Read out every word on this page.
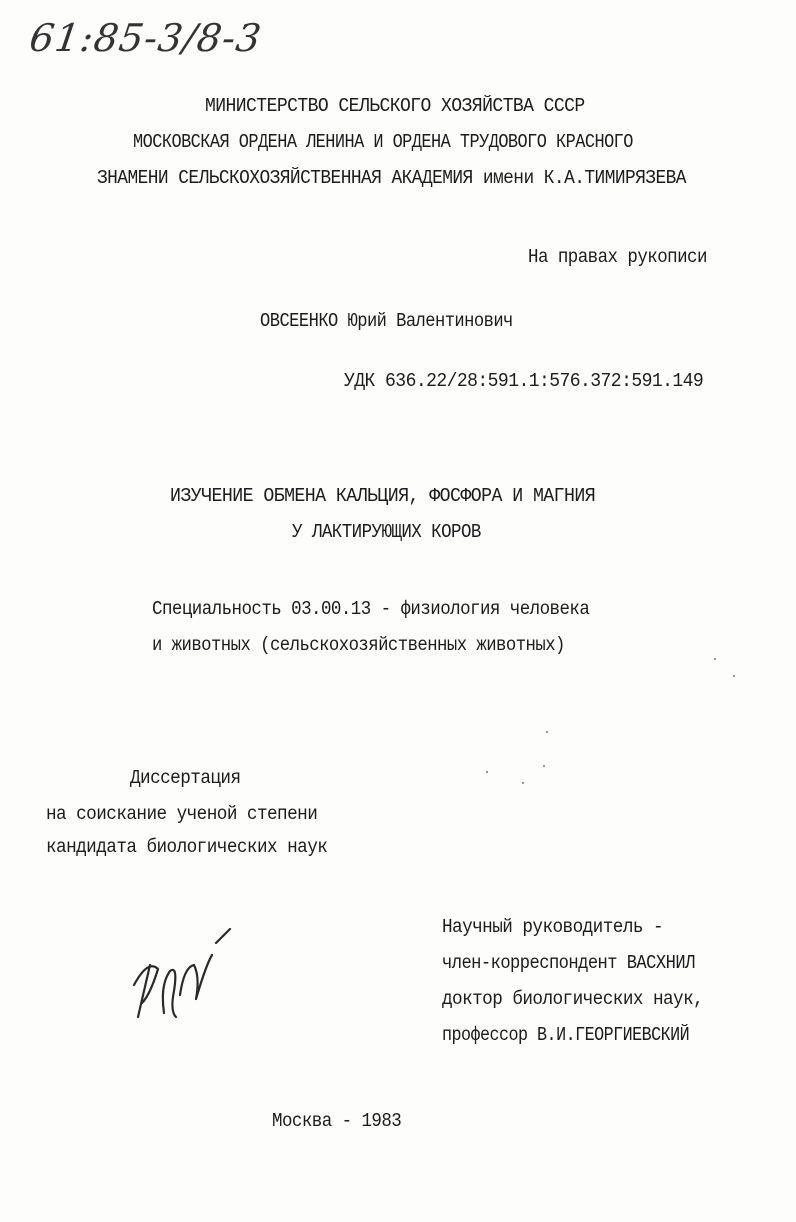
61:85-3/8-3
МИНИСТЕРСТВО СЕЛЬСКОГО ХОЗЯЙСТВА СССР
МОСКОВСКАЯ ОРДЕНА ЛЕНИНА И ОРДЕНА ТРУДОВОГО КРАСНОГО
ЗНАМЕНИ СЕЛЬСКОХОЗЯЙСТВЕННАЯ АКАДЕМИЯ имени К.А.ТИМИРЯЗЕВА
На правах рукописи
ОВСЕЕНКО Юрий Валентинович
УДК 636.22/28:591.1:576.372:591.149
ИЗУЧЕНИЕ ОБМЕНА КАЛЬЦИЯ, ФОСФОРА И МАГНИЯ
У ЛАКТИРУЮЩИХ КОРОВ
Специальность 03.00.13 - физиология человека
и животных (сельскохозяйственных животных)
Диссертация
на соискание ученой степени
кандидата биологических наук
Научный руководитель -
член-корреспондент ВАСХНИЛ
доктор биологических наук,
профессор В.И.ГЕОРГИЕВСКИЙ
Москва - 1983
